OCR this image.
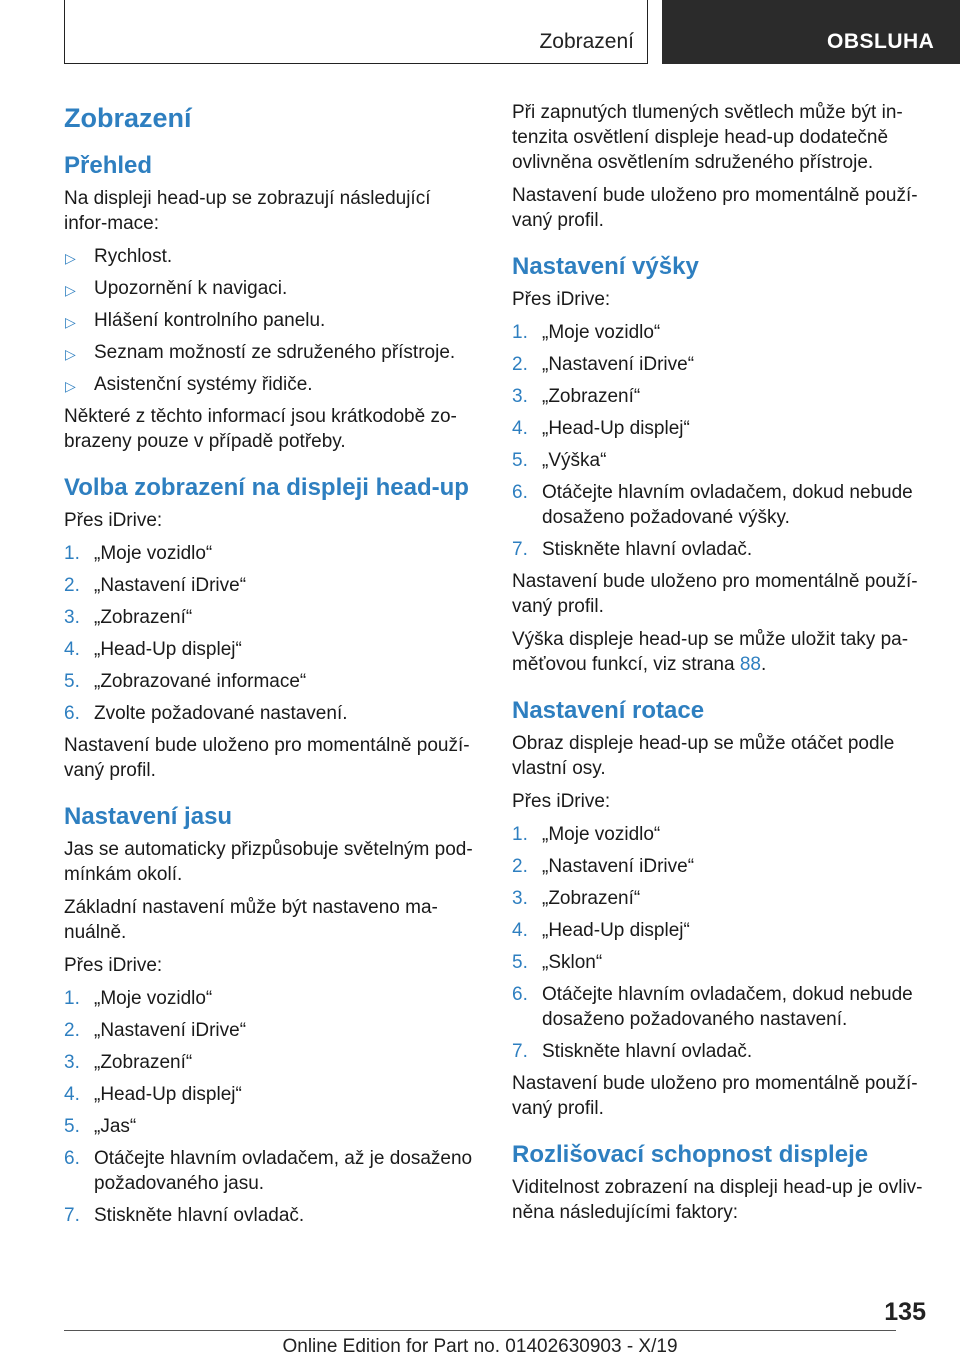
Zobrazení	OBSLUHA
Zobrazení
Přehled

Na displeji head-up se zobrazují následující infor-mace:

▷ Rychlost.
▷ Upozornění k navigaci.
▷ Hlášení kontrolního panelu.
▷ Seznam možností ze sdruženého přístroje.
▷ Asistenční systémy řidiče.

Některé z těchto informací jsou krátkodobě zo-brazeny pouze v případě potřeby.

Volba zobrazení na displeji head-up

Přes iDrive:

1. „Moje vozidlo“
2. „Nastavení iDrive“
3. „Zobrazení“
4. „Head-Up displej“
5. „Zobrazované informace“
6. Zvolte požadované nastavení.

Nastavení bude uloženo pro momentálně použí-vaný profil.

Nastavení jasu

Jas se automaticky přizpůsobuje světelným pod-mínkám okolí.

Základní nastavení může být nastaveno ma-nuálně.

Přes iDrive:

1. „Moje vozidlo“
2. „Nastavení iDrive“
3. „Zobrazení“
4. „Head-Up displej“
5. „Jas“
6. Otáčejte hlavním ovladačem, až je dosaženo požadovaného jasu.
7. Stiskněte hlavní ovladač.

Při zapnutých tlumených světlech může být in-tenzita osvětlení displeje head-up dodatečně ovlivněna osvětlením sdruženého přístroje.

Nastavení bude uloženo pro momentálně použí-vaný profil.

Nastavení výšky

Přes iDrive:

1. „Moje vozidlo“
2. „Nastavení iDrive“
3. „Zobrazení“
4. „Head-Up displej“
5. „Výška“
6. Otáčejte hlavním ovladačem, dokud nebude dosaženo požadované výšky.
7. Stiskněte hlavní ovladač.

Nastavení bude uloženo pro momentálně použí-vaný profil.

Výška displeje head-up se může uložit taky pa-měťovou funkcí, viz strana 88.

Nastavení rotace

Obraz displeje head-up se může otáčet podle vlastní osy.

Přes iDrive:

1. „Moje vozidlo“
2. „Nastavení iDrive“
3. „Zobrazení“
4. „Head-Up displej“
5. „Sklon“
6. Otáčejte hlavním ovladačem, dokud nebude dosaženo požadovaného nastavení.
7. Stiskněte hlavní ovladač.

Nastavení bude uloženo pro momentálně použí-vaný profil.

Rozlišovací schopnost displeje

Viditelnost zobrazení na displeji head-up je ovliv-něna následujícími faktory:

135
Online Edition for Part no. 01402630903 - X/19
